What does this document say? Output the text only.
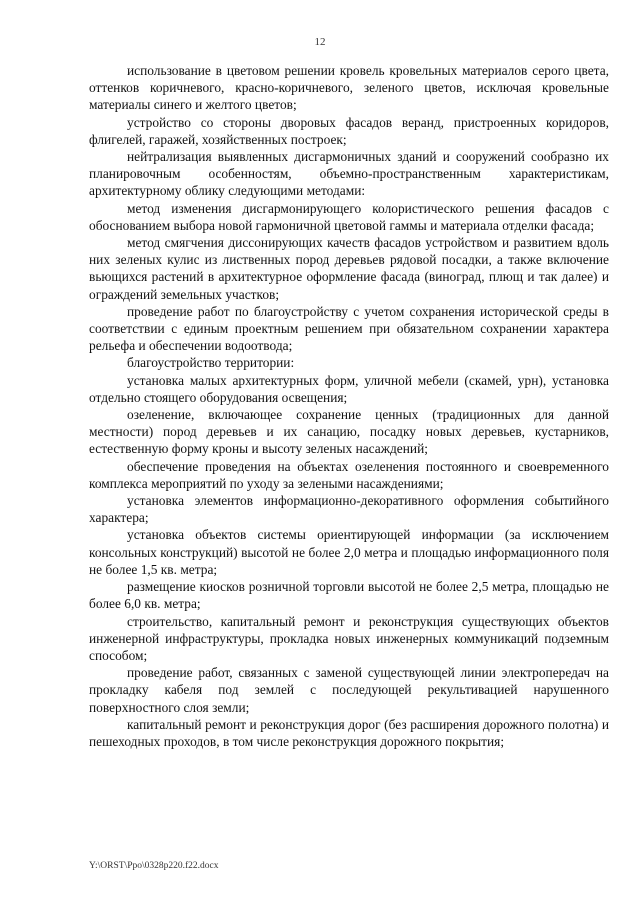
12

использование в цветовом решении кровель кровельных материалов серого цвета, оттенков коричневого, красно-коричневого, зеленого цветов, исключая кровельные материалы синего и желтого цветов;

устройство со стороны дворовых фасадов веранд, пристроенных коридоров, флигелей, гаражей, хозяйственных построек;

нейтрализация выявленных дисгармоничных зданий и сооружений сообразно их планировочным особенностям, объемно-пространственным характеристикам, архитектурному облику следующими методами:

метод изменения дисгармонирующего колористического решения фасадов с обоснованием выбора новой гармоничной цветовой гаммы и материала отделки фасада;

метод смягчения диссонирующих качеств фасадов устройством и развитием вдоль них зеленых кулис из лиственных пород деревьев рядовой посадки, а также включение вьющихся растений в архитектурное оформление фасада (виноград, плющ и так далее) и ограждений земельных участков;

проведение работ по благоустройству с учетом сохранения исторической среды в соответствии с единым проектным решением при обязательном сохранении характера рельефа и обеспечении водоотвода;

благоустройство территории:

установка малых архитектурных форм, уличной мебели (скамей, урн), установка отдельно стоящего оборудования освещения;

озеленение, включающее сохранение ценных (традиционных для данной местности) пород деревьев и их санацию, посадку новых деревьев, кустарников, естественную форму кроны и высоту зеленых насаждений;

обеспечение проведения на объектах озеленения постоянного и своевременного комплекса мероприятий по уходу за зелеными насаждениями;

установка элементов информационно-декоративного оформления событийного характера;

установка объектов системы ориентирующей информации (за исключением консольных конструкций) высотой не более 2,0 метра и площадью информационного поля не более 1,5 кв. метра;

размещение киосков розничной торговли высотой не более 2,5 метра, площадью не более 6,0 кв. метра;

строительство, капитальный ремонт и реконструкция существующих объектов инженерной инфраструктуры, прокладка новых инженерных коммуникаций подземным способом;

проведение работ, связанных с заменой существующей линии электропередач на прокладку кабеля под землей с последующей рекультивацией нарушенного поверхностного слоя земли;

капитальный ремонт и реконструкция дорог (без расширения дорожного полотна) и пешеходных проходов, в том числе реконструкция дорожного покрытия;

Y:\ORST\Ppo\0328p220.f22.docx
